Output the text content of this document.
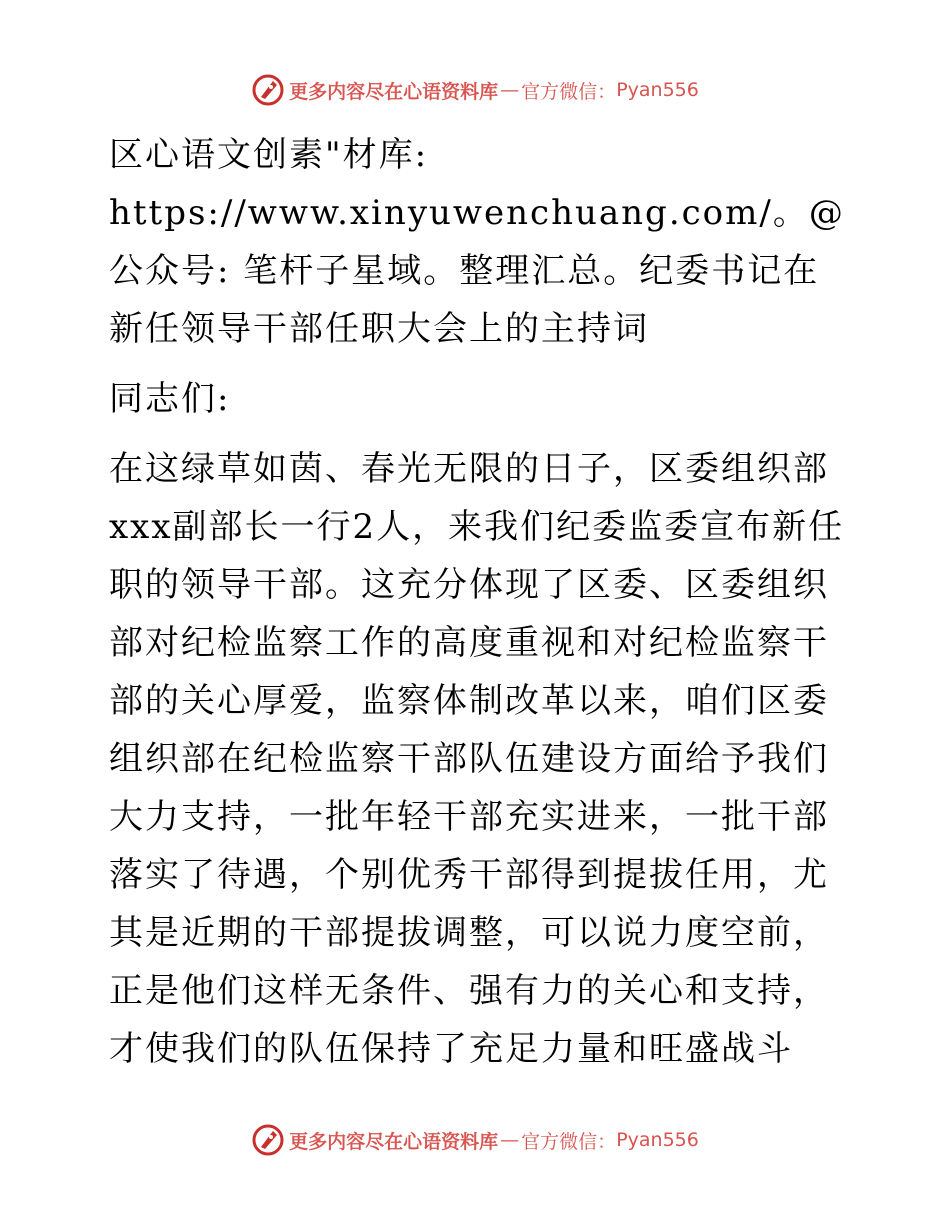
更多内容尽在心语资料库 — 官方微信： Pyan556

区心语文创素"材库: https://www.xinyuwenchuang.com/。@公众号: 笔杆子星域。整理汇总。纪委书记在新任领导干部任职大会上的主持词

同志们:

在这绿草如茵、春光无限的日子，区委组织部xxx副部长一行2人，来我们纪委监委宣布新任职的领导干部。这充分体现了区委、区委组织部对纪检监察工作的高度重视和对纪检监察干部的关心厚爱，监察体制改革以来，咱们区委组织部在纪检监察干部队伍建设方面给予我们大力支持，一批年轻干部充实进来，一批干部落实了待遇，个别优秀干部得到提拔任用，尤其是近期的干部提拔调整，可以说力度空前，正是他们这样无条件、强有力的关心和支持，才使我们的队伍保持了充足力量和旺盛战斗

更多内容尽在心语资料库 — 官方微信： Pyan556
